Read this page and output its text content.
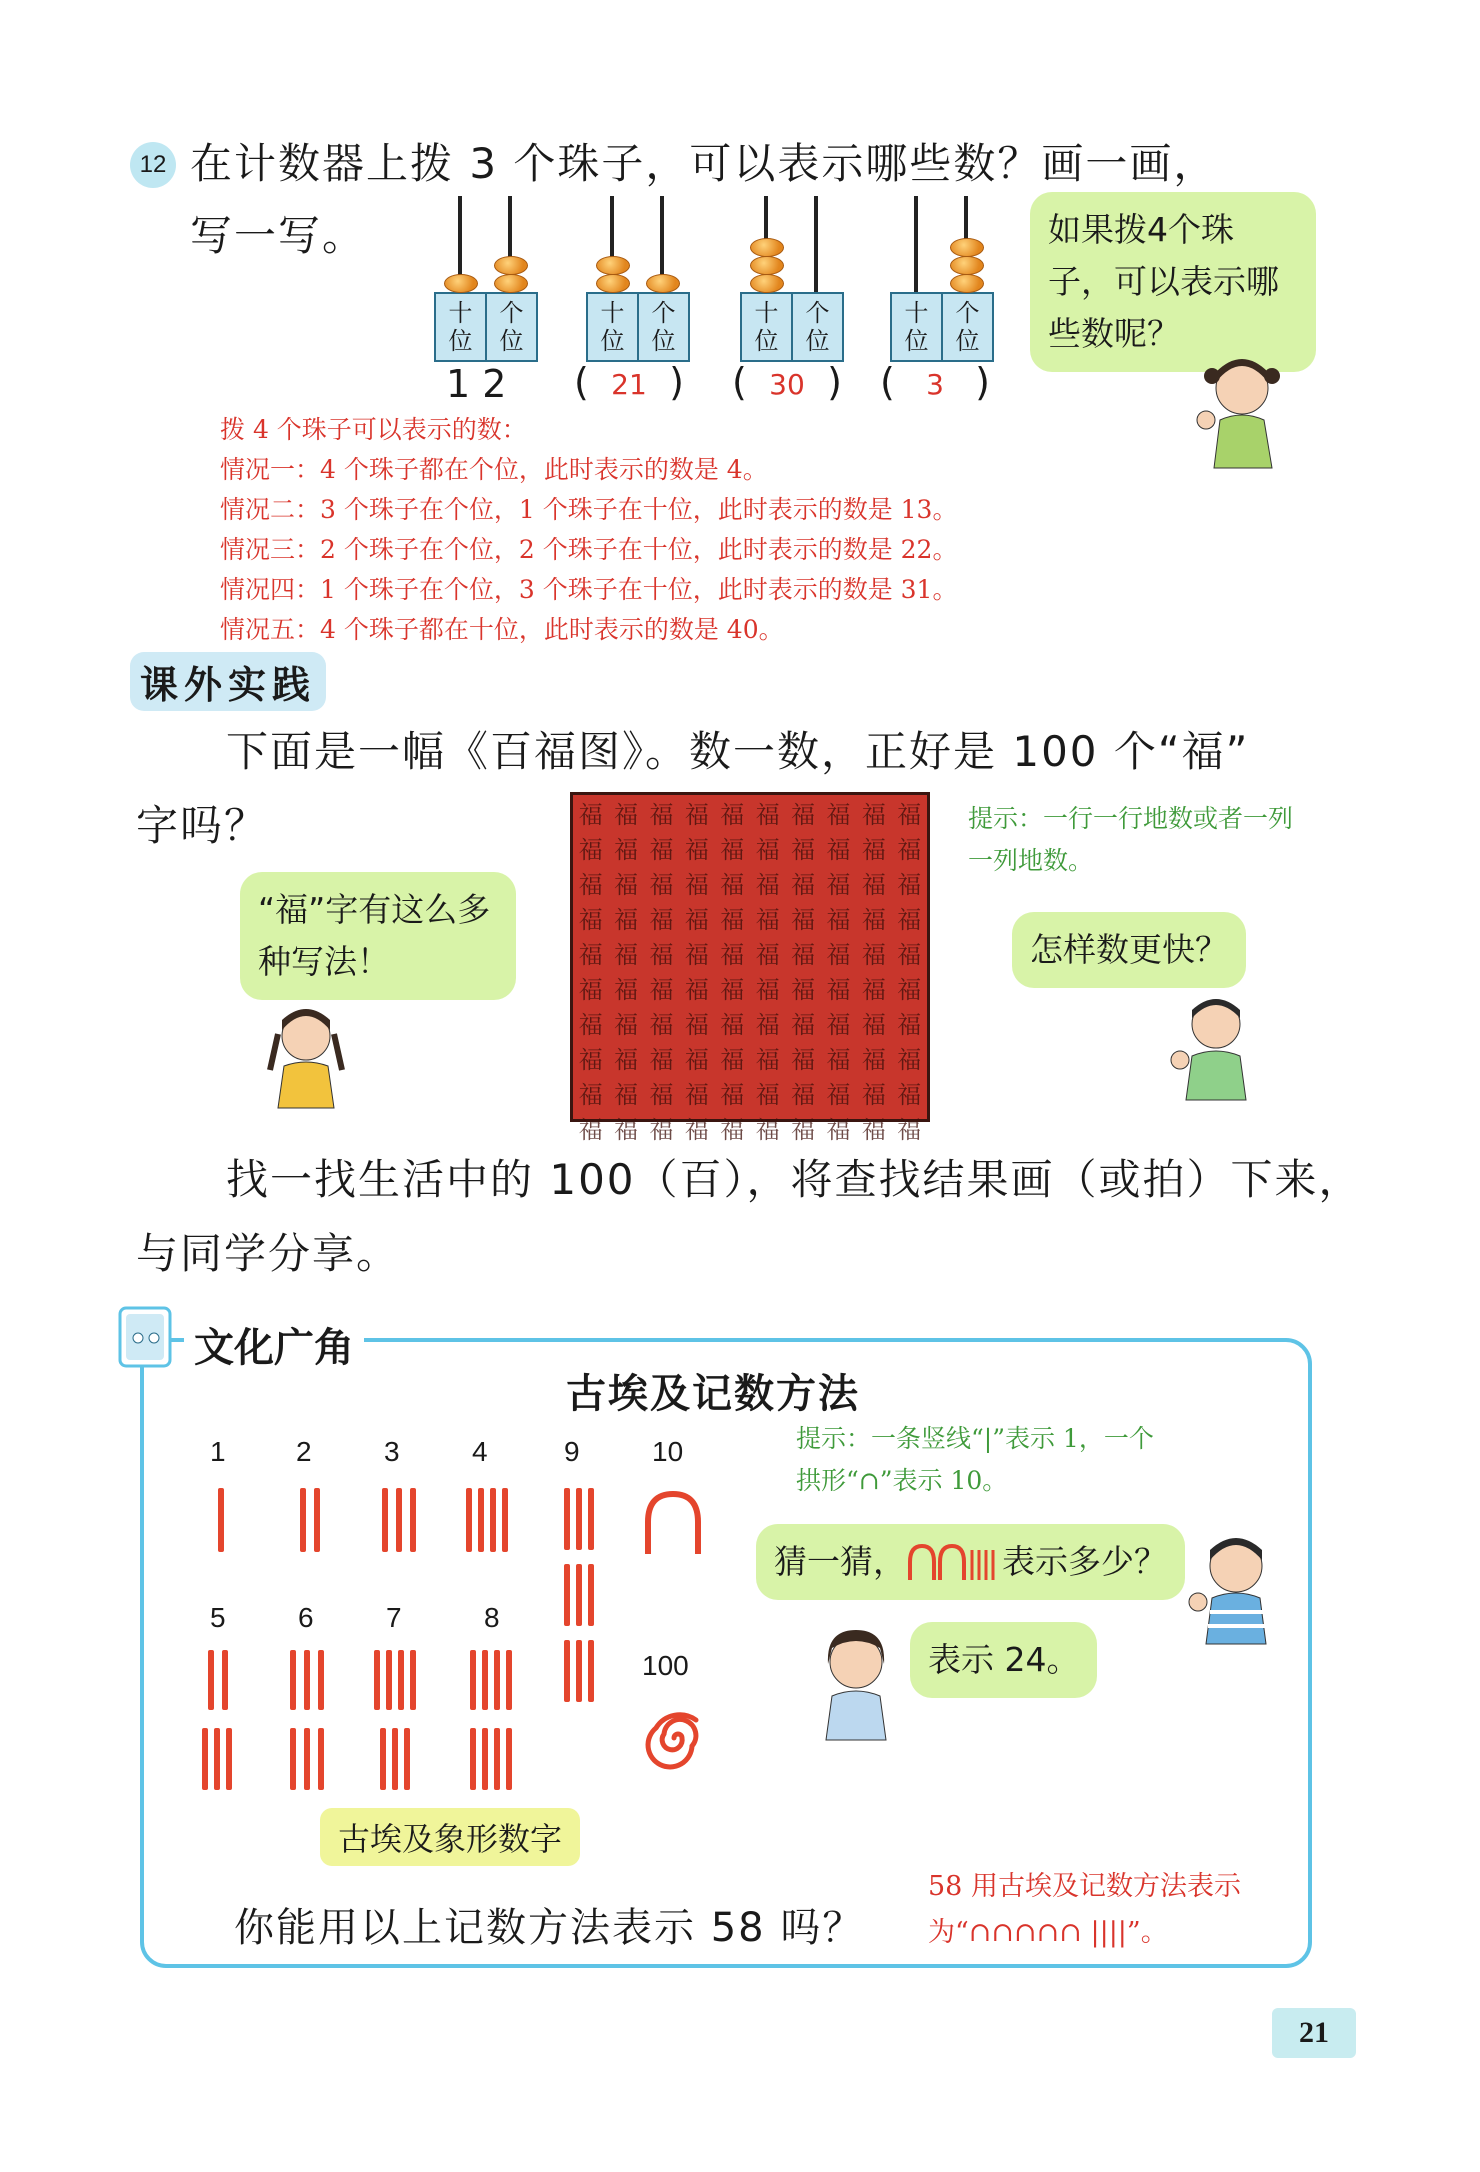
12 在计数器上拨 3 个珠子，可以表示哪些数？画一画，
写一写。
十
位
个
位
十
位
个
位
十
位
个
位
十
位
个
位
1 2 ( 21 ) ( 30 ) ( 3 )
如果拨4个珠子，可以表示哪些数呢？
拨 4 个珠子可以表示的数：
情况一：4 个珠子都在个位，此时表示的数是 4。
情况二：3 个珠子在个位，1 个珠子在十位，此时表示的数是 13。
情况三：2 个珠子在个位，2 个珠子在十位，此时表示的数是 22。
情况四：1 个珠子在个位，3 个珠子在十位，此时表示的数是 31。
情况五：4 个珠子都在十位，此时表示的数是 40。
课外实践
下面是一幅《百福图》。数一数，正好是 100 个“福”
字吗？	福 福 福 福 福 福 福 福 福 福
福 福 福 福 福 福 福 福 福 福
福 福 福 福 福 福 福 福 福 福
福 福 福 福 福 福 福 福 福 福
福 福 福 福 福 福 福 福 福 福
福 福 福 福 福 福 福 福 福 福
福 福 福 福 福 福 福 福 福 福
福 福 福 福 福 福 福 福 福 福
福 福 福 福 福 福 福 福 福 福
福 福 福 福 福 福 福 福 福 福
提示：一行一行地数或者一列一列地数。
“福”字有这么多种写法！	怎样数更快？
找一找生活中的 100（百），将查找结果画（或拍）下来，
与同学分享。
文化广角
古埃及记数方法
1	2	3	4	9	10
5	6	7	8
100
提示：一条竖线“|”表示 1，一个拱形“∩”表示 10。
猜一猜，	表示多少？
表示 24。
古埃及象形数字
你能用以上记数方法表示 58 吗？
58 用古埃及记数方法表示为“∩∩∩∩∩ ||||”。
21
